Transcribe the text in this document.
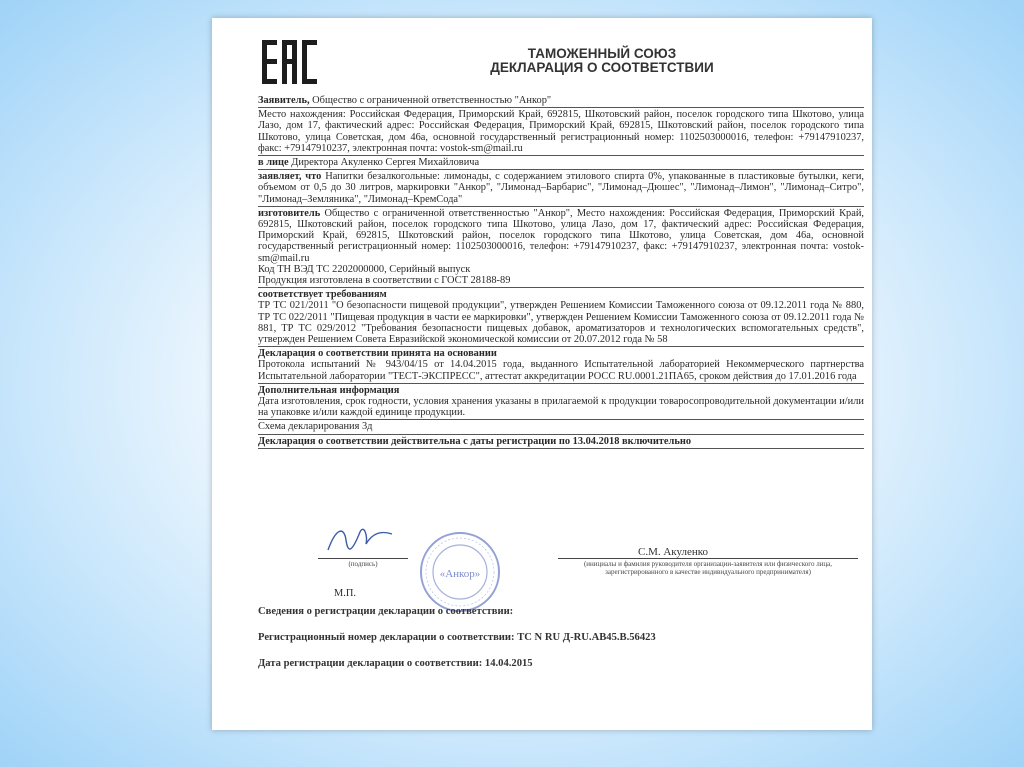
ТАМОЖЕННЫЙ СОЮЗ
ДЕКЛАРАЦИЯ О СООТВЕТСТВИИ
Заявитель, Общество с ограниченной ответственностью "Анкор"
Место нахождения: Российская Федерация, Приморский Край, 692815, Шкотовский район, поселок городского типа Шкотово, улица Лазо, дом 17, фактический адрес: Российская Федерация, Приморский Край, 692815, Шкотовский район, поселок городского типа Шкотово, улица Советская, дом 46а, основной государственный регистрационный номер: 1102503000016, телефон: +79147910237, факс: +79147910237, электронная почта: vostok-sm@mail.ru
в лице Директора Акуленко Сергея Михайловича
заявляет, что Напитки безалкогольные: лимонады, с содержанием этилового спирта 0%, упакованные в пластиковые бутылки, кеги, объемом от 0,5 до 30 литров, маркировки "Анкор", "Лимонад–Барбарис", "Лимонад–Дюшес", "Лимонад–Лимон", "Лимонад–Ситро", "Лимонад–Земляника", "Лимонад–КремСода"
изготовитель Общество с ограниченной ответственностью "Анкор", Место нахождения: Российская Федерация, Приморский Край, 692815, Шкотовский район, поселок городского типа Шкотово, улица Лазо, дом 17, фактический адрес: Российская Федерация, Приморский Край, 692815, Шкотовский район, поселок городского типа Шкотово, улица Советская, дом 46а, основной государственный регистрационный номер: 1102503000016, телефон: +79147910237, факс: +79147910237, электронная почта: vostok-sm@mail.ru
Код ТН ВЭД ТС 2202000000, Серийный выпуск
Продукция изготовлена в соответствии с ГОСТ 28188-89
соответствует требованиям
ТР ТС 021/2011 "О безопасности пищевой продукции", утвержден Решением Комиссии Таможенного союза от 09.12.2011 года № 880, ТР ТС 022/2011 "Пищевая продукция в части ее маркировки", утвержден Решением Комиссии Таможенного союза от 09.12.2011 года № 881, ТР ТС 029/2012 "Требования безопасности пищевых добавок, ароматизаторов и технологических вспомогательных средств", утвержден Решением Совета Евразийской экономической комиссии от 20.07.2012 года № 58
Декларация о соответствии принята на основании
Протокола испытаний № 943/04/15 от 14.04.2015 года, выданного Испытательной лабораторией Некоммерческого партнерства Испытательной лаборатории "ТЕСТ-ЭКСПРЕСС", аттестат аккредитации РОСС RU.0001.21ПА65, сроком действия до 17.01.2016 года
Дополнительная информация
Дата изготовления, срок годности, условия хранения указаны в прилагаемой к продукции товаросопроводительной документации и/или на упаковке и/или каждой единице продукции.
Схема декларирования 3д
Декларация о соответствии действительна с даты регистрации по 13.04.2018 включительно
(подпись)
«Анкор»
С.М. Акуленко
(инициалы и фамилия руководителя организации-заявителя или физического лица,
зарегистрированного в качестве индивидуального предпринимателя)
М.П.
Сведения о регистрации декларации о соответствии:
Регистрационный номер декларации о соответствии: ТС N RU Д-RU.АВ45.В.56423
Дата регистрации декларации о соответствии: 14.04.2015
